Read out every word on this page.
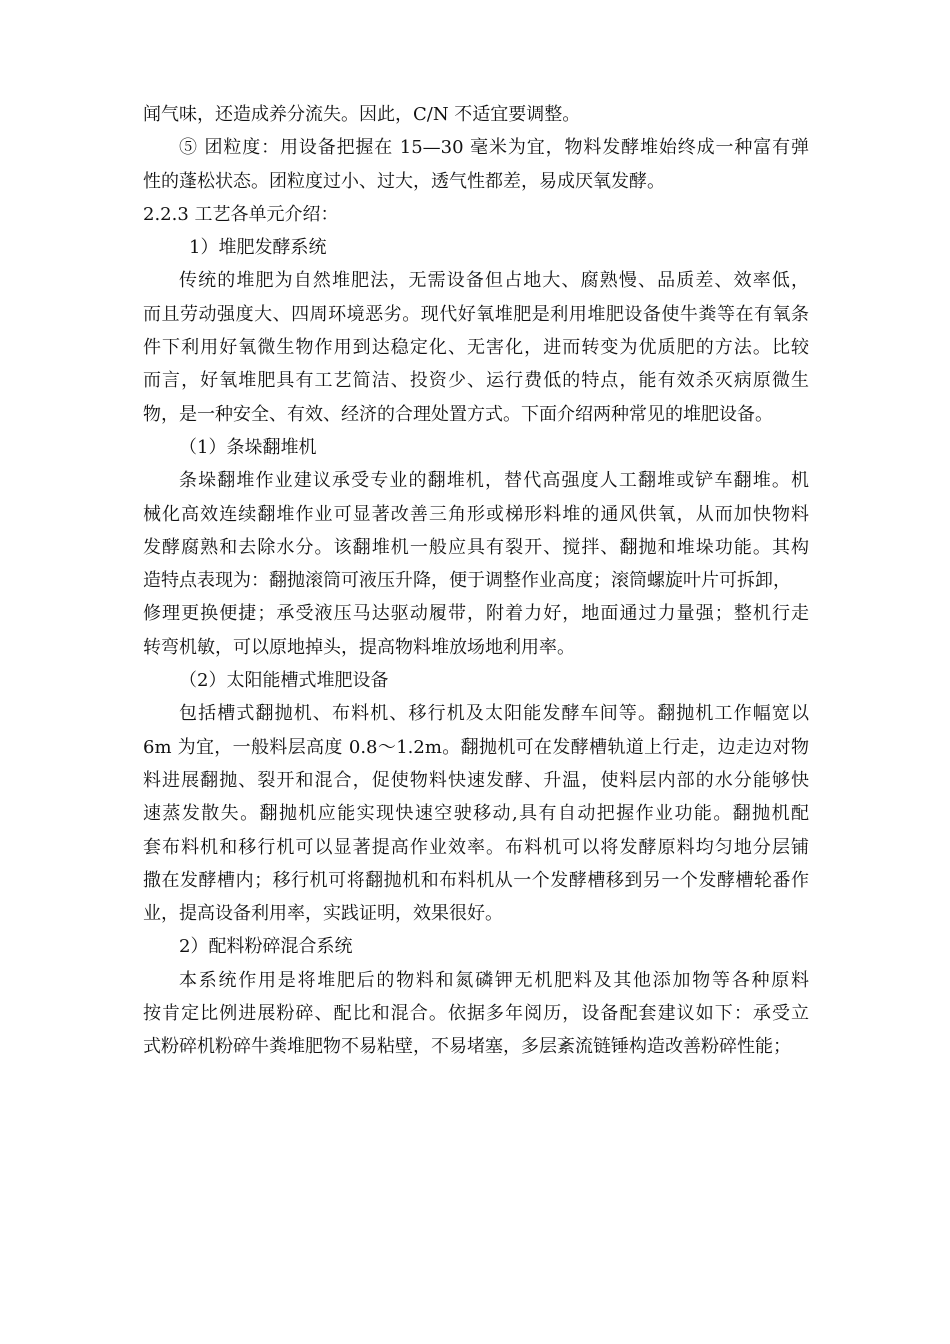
闻气味，还造成养分流失。因此，C/N 不适宜要调整。
⑤ 团粒度：用设备把握在 15—30 毫米为宜，物料发酵堆始终成一种富有弹
性的蓬松状态。团粒度过小、过大，透气性都差，易成厌氧发酵。
2.2.3 工艺各单元介绍：
1）堆肥发酵系统
传统的堆肥为自然堆肥法，无需设备但占地大、腐熟慢、品质差、效率低，
而且劳动强度大、四周环境恶劣。现代好氧堆肥是利用堆肥设备使牛粪等在有氧条
件下利用好氧微生物作用到达稳定化、无害化，进而转变为优质肥的方法。比较
而言，好氧堆肥具有工艺简洁、投资少、运行费低的特点，能有效杀灭病原微生
物，是一种安全、有效、经济的合理处置方式。下面介绍两种常见的堆肥设备。
（1）条垛翻堆机
条垛翻堆作业建议承受专业的翻堆机，替代高强度人工翻堆或铲车翻堆。机
械化高效连续翻堆作业可显著改善三角形或梯形料堆的通风供氧，从而加快物料
发酵腐熟和去除水分。该翻堆机一般应具有裂开、搅拌、翻抛和堆垛功能。其构
造特点表现为：翻抛滚筒可液压升降，便于调整作业高度；滚筒螺旋叶片可拆卸，
修理更换便捷；承受液压马达驱动履带，附着力好，地面通过力量强；整机行走
转弯机敏，可以原地掉头，提高物料堆放场地利用率。
（2）太阳能槽式堆肥设备
包括槽式翻抛机、布料机、移行机及太阳能发酵车间等。翻抛机工作幅宽以
6m 为宜，一般料层高度 0.8～1.2m。翻抛机可在发酵槽轨道上行走，边走边对物
料进展翻抛、裂开和混合，促使物料快速发酵、升温，使料层内部的水分能够快
速蒸发散失。翻抛机应能实现快速空驶移动,具有自动把握作业功能。翻抛机配
套布料机和移行机可以显著提高作业效率。布料机可以将发酵原料均匀地分层铺
撒在发酵槽内；移行机可将翻抛机和布料机从一个发酵槽移到另一个发酵槽轮番作
业，提高设备利用率，实践证明，效果很好。
2）配料粉碎混合系统
本系统作用是将堆肥后的物料和氮磷钾无机肥料及其他添加物等各种原料
按肯定比例进展粉碎、配比和混合。依据多年阅历，设备配套建议如下：承受立
式粉碎机粉碎牛粪堆肥物不易粘壁，不易堵塞，多层紊流链锤构造改善粉碎性能；
